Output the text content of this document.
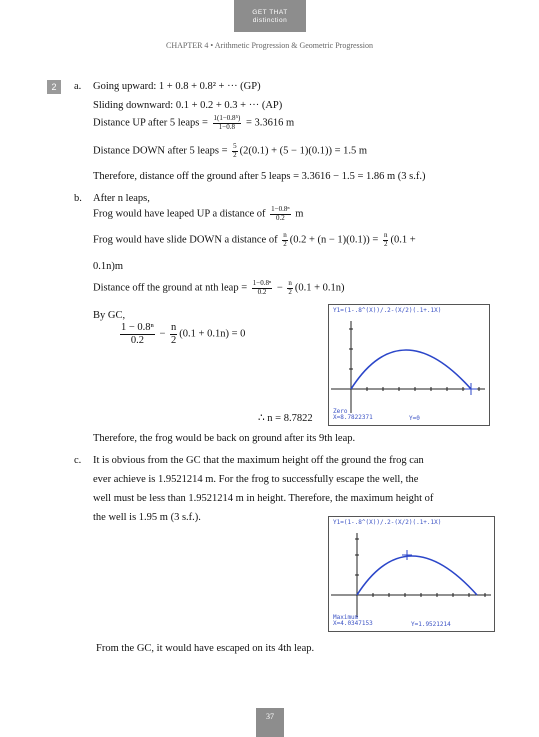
GET THAT
distinction
CHAPTER 4 • Arithmetic Progression & Geometric Progression
2	a. Going upward: 1 + 0.8 + 0.8² + ··· (GP)
Sliding downward: 0.1 + 0.2 + 0.3 + ··· (AP)
Distance UP after 5 leaps = $\frac{\text{1(1−0.8⁵)}}{1-0.8} = 3.3616$ m
Distance DOWN after 5 leaps = $\frac{5}{2} (2(0.1) + (5 - 1)(0.1)) = 1.5$ m
Therefore, distance off the ground after 5 leaps = 3.3616 − 1.5 = 1.86 m (3 s.f.)
b. After n leaps,
Frog would have leaped UP a distance of $\frac{\text{1−0.8ⁿ}}{0.2}$ m
Frog would have slide DOWN a distance of $\frac{n}{2} (0.2 + (n - 1)(0.1)) = \frac{n}{2} (0.1$ +
0.1n)m
Distance off the ground at nth leap = $\frac{\text{1−0.8ⁿ}}{0.2} - \frac{n}{2} (0.1 + 0.1n)$
By GC,
$\frac{\text{1 − 0.8ⁿ}}{0.2} - \frac{n}{2} (0.1 + 0.1n) = 0$
∴ n = 8.7822
Therefore, the frog would be back on ground after its 9th leap.
Y1=(1-.8^(X))/.2-(X/2)(.1+.1X)
Zero
X=8.7822371	Y=0
c. It is obvious from the GC that the maximum height off the ground the frog can
ever achieve is 1.9521214 m. For the frog to successfully escape the well, the
well must be less than 1.9521214 m in height. Therefore, the maximum height of
the well is 1.95 m (3 s.f.).	Y1=(1-.8^(X))/.2-(X/2)(.1+.1X)
Maximum
X=4.0347153	Y=1.9521214
From the GC, it would have escaped on its 4th leap.
37
